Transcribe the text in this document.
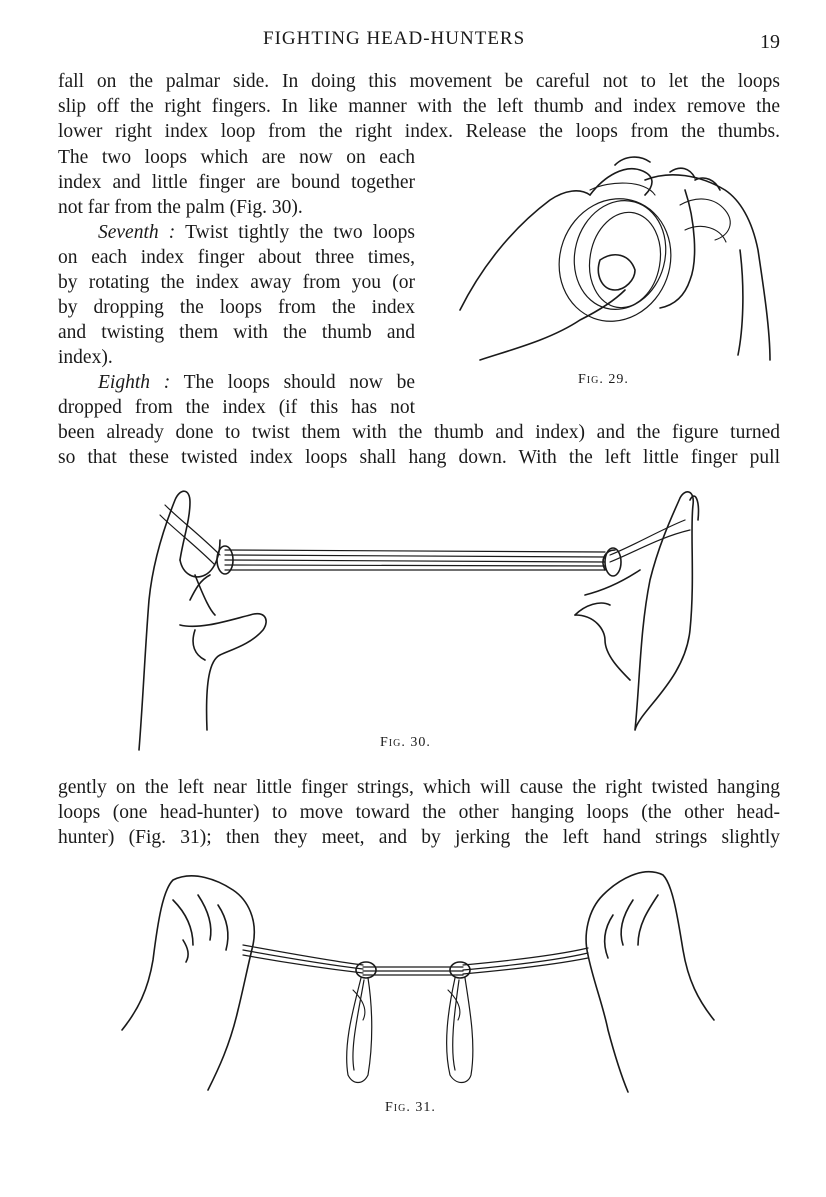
FIGHTING HEAD-HUNTERS	19
fall on the palmar side. In doing this movement be careful not to let the loops
slip off the right fingers. In like manner with the left thumb and index remove the
lower right index loop from the right index. Release the loops from the thumbs.
The two loops which are now on each
index and little finger are bound together
not far from the palm (Fig. 30).
Seventh : Twist tightly the two loops
on each index finger about three times,
by rotating the index away from you (or
by dropping the loops from the index
and twisting them with the thumb and
index).
Eighth : The loops should now be
dropped from the index (if this has not
been already done to twist them with the thumb and index) and the figure turned
so that these twisted index loops shall hang down. With the left little finger pull
Fig. 29.
Fig. 30.
gently on the left near little finger strings, which will cause the right twisted hanging
loops (one head-hunter) to move toward the other hanging loops (the other head-
hunter) (Fig. 31); then they meet, and by jerking the left hand strings slightly
Fig. 31.
